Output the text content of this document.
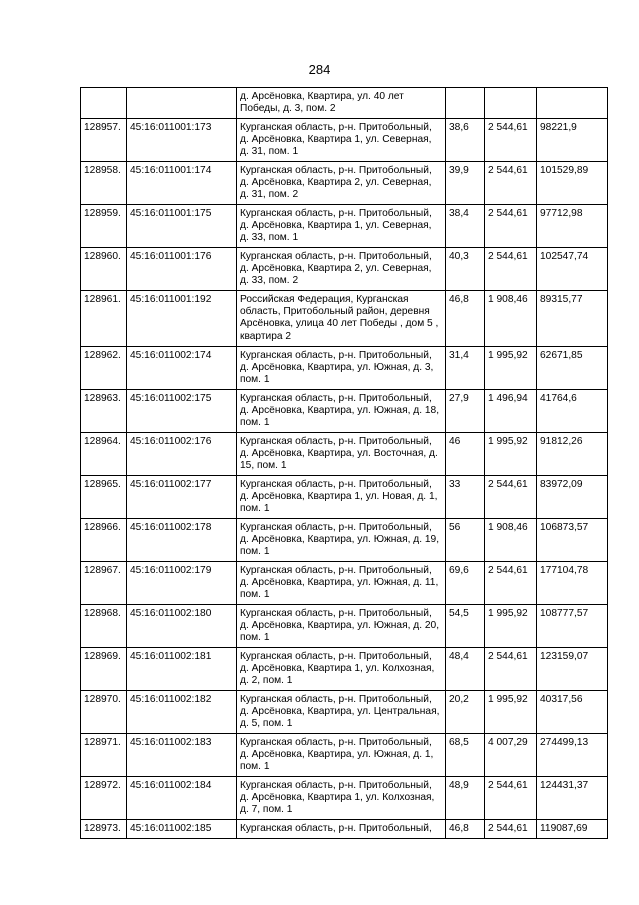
284
		д. Арсёновка, Квартира, ул. 40 лет Победы, д. 3, пом. 2			
128957.	45:16:011001:173	Курганская область, р-н. Притобольный, д. Арсёновка, Квартира 1, ул. Северная, д. 31, пом. 1	38,6	2 544,61	98221,9
128958.	45:16:011001:174	Курганская область, р-н. Притобольный, д. Арсёновка, Квартира 2, ул. Северная, д. 31, пом. 2	39,9	2 544,61	101529,89
128959.	45:16:011001:175	Курганская область, р-н. Притобольный, д. Арсёновка, Квартира 1, ул. Северная, д. 33, пом. 1	38,4	2 544,61	97712,98
128960.	45:16:011001:176	Курганская область, р-н. Притобольный, д. Арсёновка, Квартира 2, ул. Северная, д. 33, пом. 2	40,3	2 544,61	102547,74
128961.	45:16:011001:192	Российская Федерация, Курганская область, Притобольный район, деревня Арсёновка, улица 40 лет Победы , дом 5 , квартира 2	46,8	1 908,46	89315,77
128962.	45:16:011002:174	Курганская область, р-н. Притобольный, д. Арсёновка, Квартира, ул. Южная, д. 3, пом. 1	31,4	1 995,92	62671,85
128963.	45:16:011002:175	Курганская область, р-н. Притобольный, д. Арсёновка, Квартира, ул. Южная, д. 18, пом. 1	27,9	1 496,94	41764,6
128964.	45:16:011002:176	Курганская область, р-н. Притобольный, д. Арсёновка, Квартира, ул. Восточная, д. 15, пом. 1	46	1 995,92	91812,26
128965.	45:16:011002:177	Курганская область, р-н. Притобольный, д. Арсёновка, Квартира 1, ул. Новая, д. 1, пом. 1	33	2 544,61	83972,09
128966.	45:16:011002:178	Курганская область, р-н. Притобольный, д. Арсёновка, Квартира, ул. Южная, д. 19, пом. 1	56	1 908,46	106873,57
128967.	45:16:011002:179	Курганская область, р-н. Притобольный, д. Арсёновка, Квартира, ул. Южная, д. 11, пом. 1	69,6	2 544,61	177104,78
128968.	45:16:011002:180	Курганская область, р-н. Притобольный, д. Арсёновка, Квартира, ул. Южная, д. 20, пом. 1	54,5	1 995,92	108777,57
128969.	45:16:011002:181	Курганская область, р-н. Притобольный, д. Арсёновка, Квартира 1, ул. Колхозная, д. 2, пом. 1	48,4	2 544,61	123159,07
128970.	45:16:011002:182	Курганская область, р-н. Притобольный, д. Арсёновка, Квартира, ул. Центральная, д. 5, пом. 1	20,2	1 995,92	40317,56
128971.	45:16:011002:183	Курганская область, р-н. Притобольный, д. Арсёновка, Квартира, ул. Южная, д. 1, пом. 1	68,5	4 007,29	274499,13
128972.	45:16:011002:184	Курганская область, р-н. Притобольный, д. Арсёновка, Квартира 1, ул. Колхозная, д. 7, пом. 1	48,9	2 544,61	124431,37
128973.	45:16:011002:185	Курганская область, р-н. Притобольный,	46,8	2 544,61	119087,69
